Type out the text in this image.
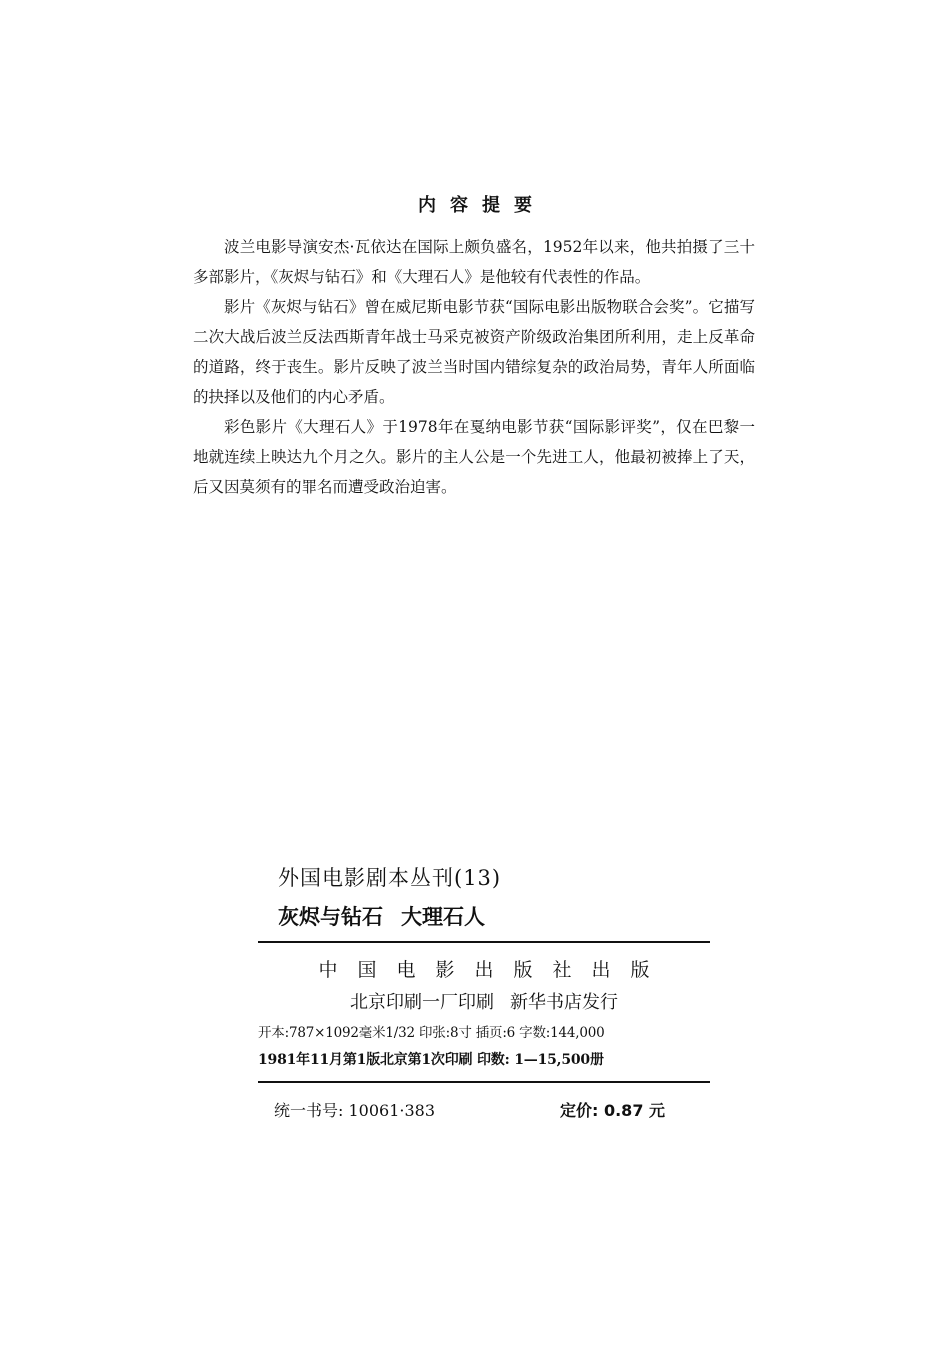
内容提要

波兰电影导演安杰·瓦依达在国际上颇负盛名，1952年以来，他共拍摄了三十多部影片，《灰烬与钻石》和《大理石人》是他较有代表性的作品。

影片《灰烬与钻石》曾在威尼斯电影节获“国际电影出版物联合会奖”。它描写二次大战后波兰反法西斯青年战士马采克被资产阶级政治集团所利用，走上反革命的道路，终于丧生。影片反映了波兰当时国内错综复杂的政治局势，青年人所面临的抉择以及他们的内心矛盾。

彩色影片《大理石人》于1978年在戛纳电影节获“国际影评奖”，仅在巴黎一地就连续上映达九个月之久。影片的主人公是一个先进工人，他最初被捧上了天，后又因莫须有的罪名而遭受政治迫害。

外国电影剧本丛刊(13)
灰烬与钻石 大理石人
中国电影出版社出版
北京印刷一厂印刷 新华书店发行
开本:787×1092毫米1/32 印张:8寸 插页:6 字数:144,000
1981年11月第1版北京第1次印刷 印数: 1—15,500册
统一书号: 10061·383	定价: 0.87 元
